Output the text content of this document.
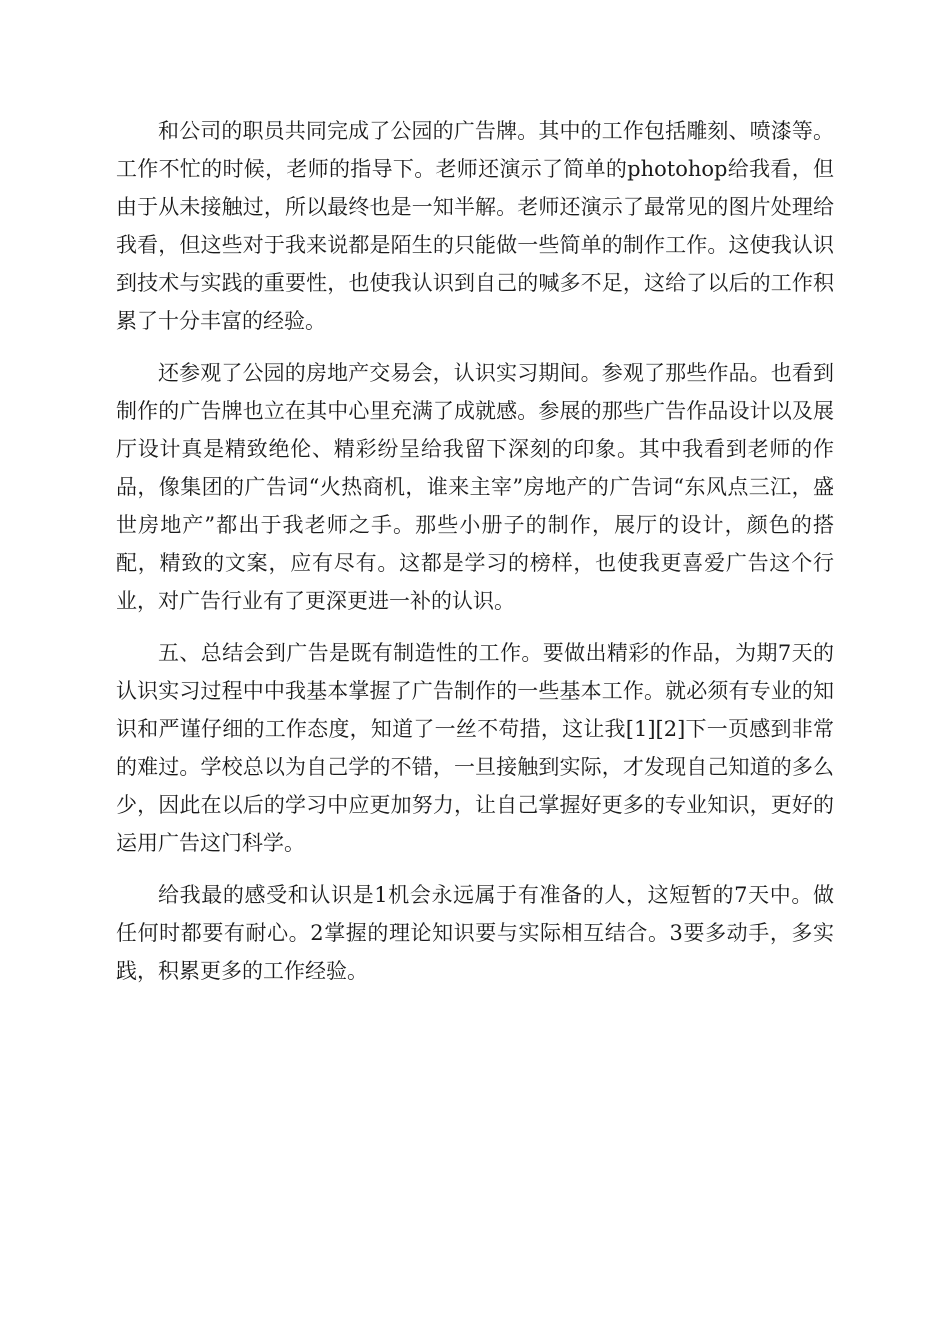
和公司的职员共同完成了公园的广告牌。其中的工作包括雕刻、喷漆等。工作不忙的时候，老师的指导下。老师还演示了简单的photohop给我看，但由于从未接触过，所以最终也是一知半解。老师还演示了最常见的图片处理给我看，但这些对于我来说都是陌生的只能做一些简单的制作工作。这使我认识到技术与实践的重要性，也使我认识到自己的喊多不足，这给了以后的工作积累了十分丰富的经验。

还参观了公园的房地产交易会，认识实习期间。参观了那些作品。也看到制作的广告牌也立在其中心里充满了成就感。参展的那些广告作品设计以及展厅设计真是精致绝伦、精彩纷呈给我留下深刻的印象。其中我看到老师的作品，像集团的广告词“火热商机，谁来主宰”房地产的广告词“东风点三江，盛世房地产”都出于我老师之手。那些小册子的制作，展厅的设计，颜色的搭配，精致的文案，应有尽有。这都是学习的榜样，也使我更喜爱广告这个行业，对广告行业有了更深更进一补的认识。

五、总结会到广告是既有制造性的工作。要做出精彩的作品，为期7天的认识实习过程中中我基本掌握了广告制作的一些基本工作。就必须有专业的知识和严谨仔细的工作态度，知道了一丝不苟措，这让我[1][2]下一页感到非常的难过。学校总以为自己学的不错，一旦接触到实际，才发现自己知道的多么少，因此在以后的学习中应更加努力，让自己掌握好更多的专业知识，更好的运用广告这门科学。

给我最的感受和认识是1机会永远属于有准备的人，这短暂的7天中。做任何时都要有耐心。2掌握的理论知识要与实际相互结合。3要多动手，多实践，积累更多的工作经验。
